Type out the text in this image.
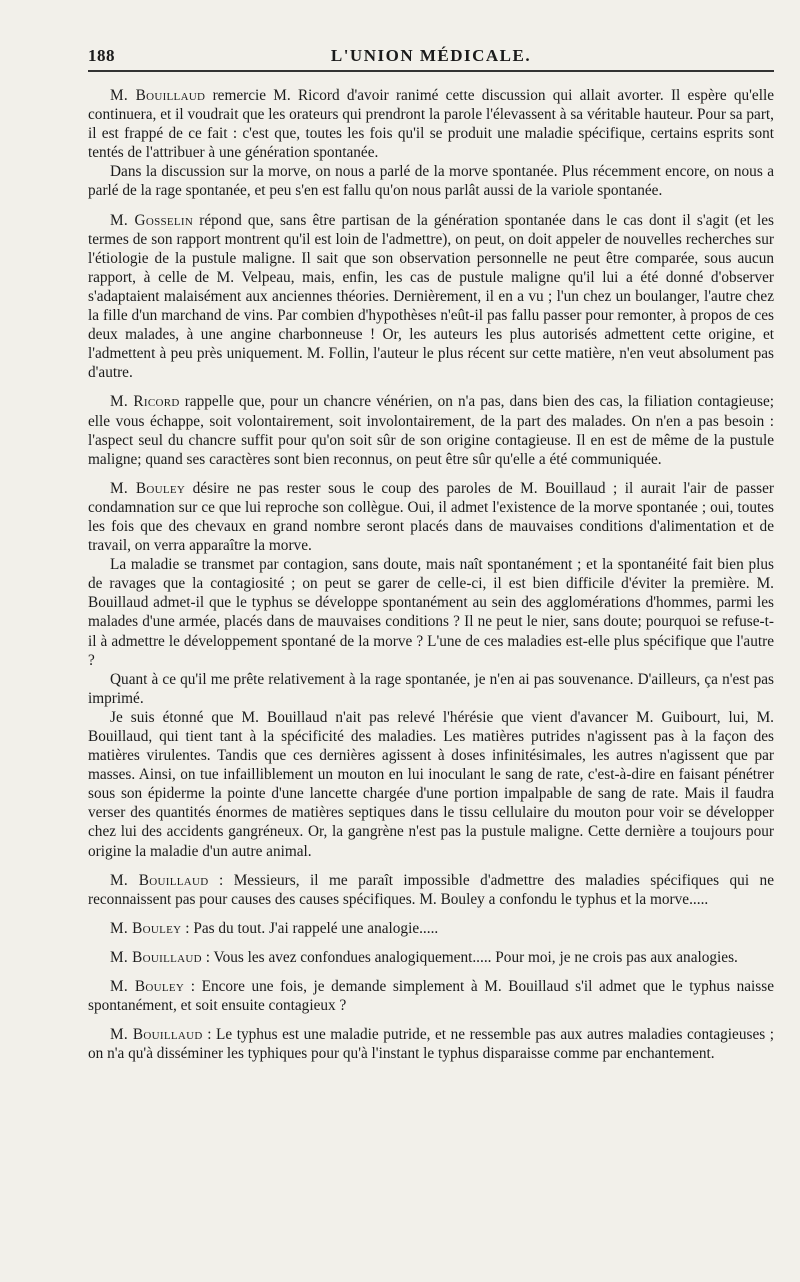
188	L'UNION MÉDICALE.

M. Bouillaud remercie M. Ricord d'avoir ranimé cette discussion qui allait avorter. Il espère qu'elle continuera, et il voudrait que les orateurs qui prendront la parole l'élevassent à sa véritable hauteur. Pour sa part, il est frappé de ce fait : c'est que, toutes les fois qu'il se produit une maladie spécifique, certains esprits sont tentés de l'attribuer à une génération spontanée.

Dans la discussion sur la morve, on nous a parlé de la morve spontanée. Plus récemment encore, on nous a parlé de la rage spontanée, et peu s'en est fallu qu'on nous parlât aussi de la variole spontanée.

M. Gosselin répond que, sans être partisan de la génération spontanée dans le cas dont il s'agit (et les termes de son rapport montrent qu'il est loin de l'admettre), on peut, on doit appeler de nouvelles recherches sur l'étiologie de la pustule maligne. Il sait que son observation personnelle ne peut être comparée, sous aucun rapport, à celle de M. Velpeau, mais, enfin, les cas de pustule maligne qu'il lui a été donné d'observer s'adaptaient malaisément aux anciennes théories. Dernièrement, il en a vu ; l'un chez un boulanger, l'autre chez la fille d'un marchand de vins. Par combien d'hypothèses n'eût-il pas fallu passer pour remonter, à propos de ces deux malades, à une angine charbonneuse ! Or, les auteurs les plus autorisés admettent cette origine, et l'admettent à peu près uniquement. M. Follin, l'auteur le plus récent sur cette matière, n'en veut absolument pas d'autre.

M. Ricord rappelle que, pour un chancre vénérien, on n'a pas, dans bien des cas, la filiation contagieuse; elle vous échappe, soit volontairement, soit involontairement, de la part des malades. On n'en a pas besoin : l'aspect seul du chancre suffit pour qu'on soit sûr de son origine contagieuse. Il en est de même de la pustule maligne; quand ses caractères sont bien reconnus, on peut être sûr qu'elle a été communiquée.

M. Bouley désire ne pas rester sous le coup des paroles de M. Bouillaud ; il aurait l'air de passer condamnation sur ce que lui reproche son collègue. Oui, il admet l'existence de la morve spontanée ; oui, toutes les fois que des chevaux en grand nombre seront placés dans de mauvaises conditions d'alimentation et de travail, on verra apparaître la morve.

La maladie se transmet par contagion, sans doute, mais naît spontanément ; et la spontanéité fait bien plus de ravages que la contagiosité ; on peut se garer de celle-ci, il est bien difficile d'éviter la première. M. Bouillaud admet-il que le typhus se développe spontanément au sein des agglomérations d'hommes, parmi les malades d'une armée, placés dans de mauvaises conditions ? Il ne peut le nier, sans doute; pourquoi se refuse-t-il à admettre le développement spontané de la morve ? L'une de ces maladies est-elle plus spécifique que l'autre ?

Quant à ce qu'il me prête relativement à la rage spontanée, je n'en ai pas souvenance. D'ailleurs, ça n'est pas imprimé.

Je suis étonné que M. Bouillaud n'ait pas relevé l'hérésie que vient d'avancer M. Guibourt, lui, M. Bouillaud, qui tient tant à la spécificité des maladies. Les matières putrides n'agissent pas à la façon des matières virulentes. Tandis que ces dernières agissent à doses infinitésimales, les autres n'agissent que par masses. Ainsi, on tue infailliblement un mouton en lui inoculant le sang de rate, c'est-à-dire en faisant pénétrer sous son épiderme la pointe d'une lancette chargée d'une portion impalpable de sang de rate. Mais il faudra verser des quantités énormes de matières septiques dans le tissu cellulaire du mouton pour voir se développer chez lui des accidents gangréneux. Or, la gangrène n'est pas la pustule maligne. Cette dernière a toujours pour origine la maladie d'un autre animal.

M. Bouillaud : Messieurs, il me paraît impossible d'admettre des maladies spécifiques qui ne reconnaissent pas pour causes des causes spécifiques. M. Bouley a confondu le typhus et la morve.....

M. Bouley : Pas du tout. J'ai rappelé une analogie.....

M. Bouillaud : Vous les avez confondues analogiquement..... Pour moi, je ne crois pas aux analogies.

M. Bouley : Encore une fois, je demande simplement à M. Bouillaud s'il admet que le typhus naisse spontanément, et soit ensuite contagieux ?

M. Bouillaud : Le typhus est une maladie putride, et ne ressemble pas aux autres maladies contagieuses ; on n'a qu'à disséminer les typhiques pour qu'à l'instant le typhus disparaisse comme par enchantement.
